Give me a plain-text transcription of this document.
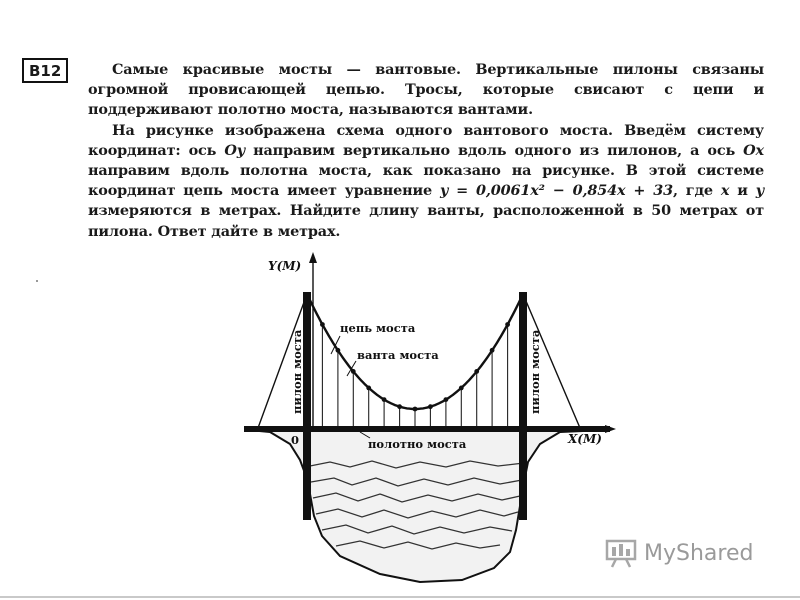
B12	Самые красивые мосты — вантовые. Вертикальные пилоны связаны огромной провисающей цепью. Тросы, которые свисают с цепи и поддерживают полотно моста, называются вантами.

На рисунке изображена схема одного вантового моста. Введём систему координат: ось Oy направим вертикально вдоль одного из пилонов, а ось Ox направим вдоль полотна моста, как показано на рисунке. В этой системе координат цепь моста имеет уравнение y = 0,0061x² − 0,854x + 33, где x и y измеряются в метрах. Найдите длину ванты, расположенной в 50 метрах от пилона. Ответ дайте в метрах.

Y(M)
X(M)
0
цепь моста
ванта моста
полотно моста
пилон моста	пилон моста
MyShared
